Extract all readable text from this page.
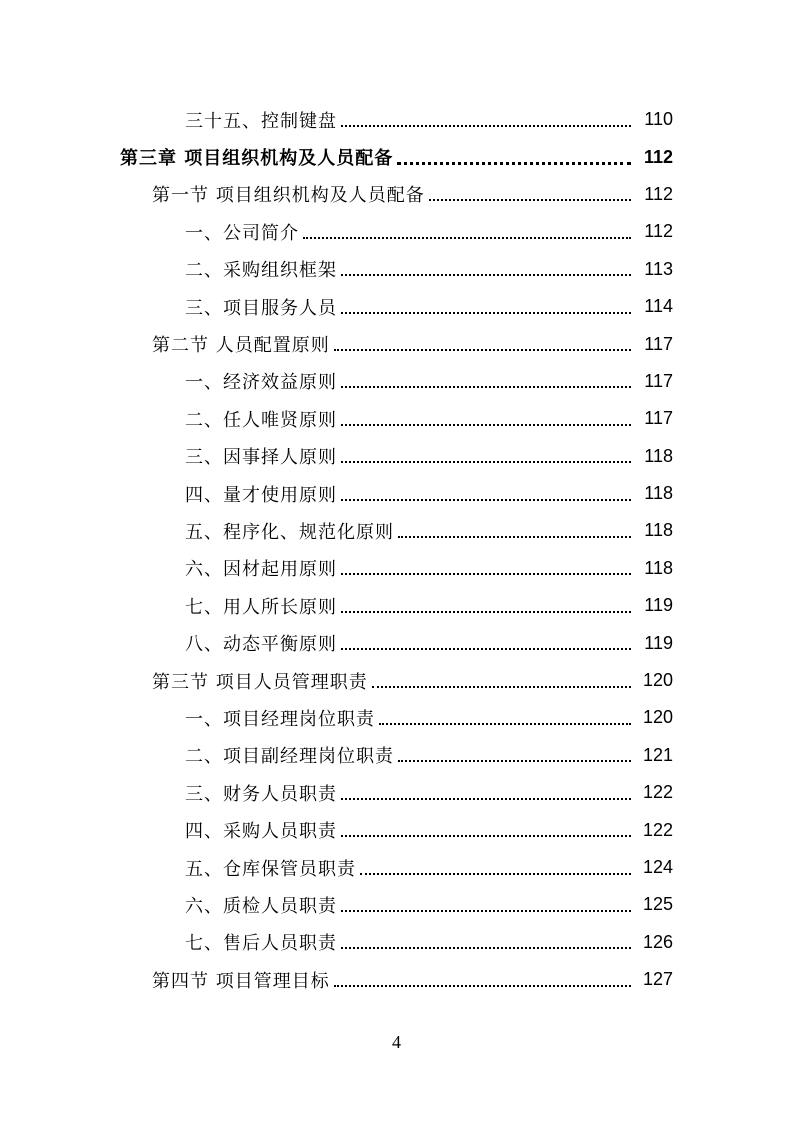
三十五、控制键盘	110
第三章 项目组织机构及人员配备	112
第一节 项目组织机构及人员配备	112
一、公司简介	112
二、采购组织框架	113
三、项目服务人员	114
第二节 人员配置原则	117
一、经济效益原则	117
二、任人唯贤原则	117
三、因事择人原则	118
四、量才使用原则	118
五、程序化、规范化原则	118
六、因材起用原则	118
七、用人所长原则	119
八、动态平衡原则	119
第三节 项目人员管理职责	120
一、项目经理岗位职责	120
二、项目副经理岗位职责	121
三、财务人员职责	122
四、采购人员职责	122
五、仓库保管员职责	124
六、质检人员职责	125
七、售后人员职责	126
第四节 项目管理目标	127
4
